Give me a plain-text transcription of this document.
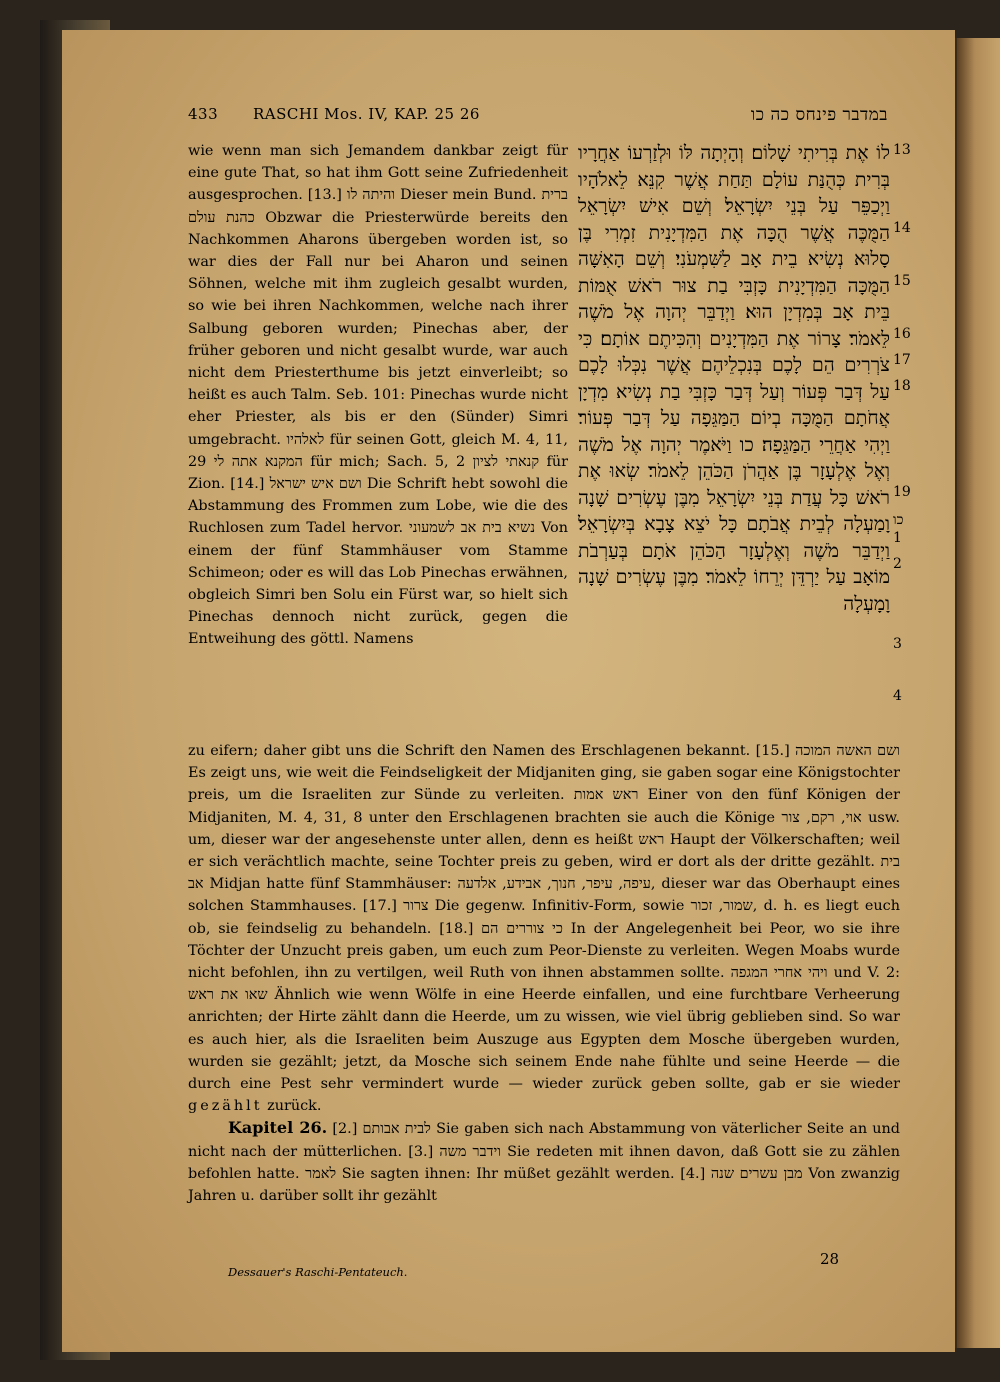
433 RASCHI Mos. IV, KAP. 25 26	במדבר פינחס כה כו

wie wenn man sich Jemandem dankbar zeigt für eine gute That, so hat ihm Gott seine Zufriedenheit ausgesprochen. [13.] והיתה לו Dieser mein Bund. ברית כהנת עולם Obzwar die Priesterwürde bereits den Nachkommen Aharons übergeben worden ist, so war dies der Fall nur bei Aharon und seinen Söhnen, welche mit ihm zugleich gesalbt wurden, so wie bei ihren Nachkommen, welche nach ihrer Salbung geboren wurden; Pinechas aber, der früher geboren und nicht gesalbt wurde, war auch nicht dem Priesterthume bis jetzt einverleibt; so heißt es auch Talm. Seb. 101: Pinechas wurde nicht eher Priester, als bis er den (Sünder) Simri umgebracht. לאלהיו für seinen Gott, gleich M. 4, 11, 29 המקנא אתה לי für mich; Sach. 5, 2 קנאתי לציון für Zion. [14.] ושם איש ישראל Die Schrift hebt sowohl die Abstammung des Frommen zum Lobe, wie die des Ruchlosen zum Tadel hervor. נשיא בית אב לשמעוני Von einem der fünf Stammhäuser vom Stamme Schimeon; oder es will das Lob Pinechas erwähnen, obgleich Simri ben Solu ein Fürst war, so hielt sich Pinechas dennoch nicht zurück, gegen die Entweihung des göttl. Namens

לוֹ אֶת בְּרִיתִי שָׁלוֹם׃ וְהָיְתָה לּוֹ וּלְזַרְעוֹ אַחֲרָיו בְּרִית כְּהֻנַּת עוֹלָם תַּחַת אֲשֶׁר קִנֵּא לֵאלֹהָיו וַיְכַפֵּר עַל בְּנֵי יִשְׂרָאֵל׃ וְשֵׁם אִישׁ יִשְׂרָאֵל הַמֻּכֶּה אֲשֶׁר הֻכָּה אֶת הַמִּדְיָנִית זִמְרִי בֶּן סָלוּא נְשִׂיא בֵית אָב לַשִּׁמְעֹנִי׃ וְשֵׁם הָאִשָּׁה הַמֻּכָּה הַמִּדְיָנִית כָּזְבִּי בַת צוּר רֹאשׁ אֻמּוֹת בֵּית אָב בְּמִדְיָן הוּא׃ וַיְדַבֵּר יְהוָה אֶל מֹשֶׁה לֵּאמֹר׃ צָרוֹר אֶת הַמִּדְיָנִים וְהִכִּיתֶם אוֹתָם׃ כִּי צֹרְרִים הֵם לָכֶם בְּנִכְלֵיהֶם אֲשֶׁר נִכְּלוּ לָכֶם עַל דְּבַר פְּעוֹר וְעַל דְּבַר כָּזְבִּי בַת נְשִׂיא מִדְיָן אֲחֹתָם הַמֻּכָּה בְיוֹם הַמַּגֵּפָה עַל דְּבַר פְּעוֹר׃ וַיְהִי אַחֲרֵי הַמַּגֵּפָה׃ כו וַיֹּאמֶר יְהוָה אֶל מֹשֶׁה וְאֶל אֶלְעָזָר בֶּן אַהֲרֹן הַכֹּהֵן לֵאמֹר׃ שְׂאוּ אֶת רֹאשׁ כָּל עֲדַת בְּנֵי יִשְׂרָאֵל מִבֶּן עֶשְׂרִים שָׁנָה וָמַעְלָה לְבֵית אֲבֹתָם כָּל יֹצֵא צָבָא בְּיִשְׂרָאֵל׃ וַיְדַבֵּר מֹשֶׁה וְאֶלְעָזָר הַכֹּהֵן אֹתָם בְּעַרְבֹת מוֹאָב עַל יַרְדֵּן יְרֵחוֹ לֵאמֹר׃ מִבֶּן עֶשְׂרִים שָׁנָה וָמָעְלָה

13
14
15
16
17
18
19
כו
1
2
3
4

zu eifern; daher gibt uns die Schrift den Namen des Erschlagenen bekannt. [15.] ושם האשה המוכה Es zeigt uns, wie weit die Feindseligkeit der Midjaniten ging, sie gaben sogar eine Königstochter preis, um die Israeliten zur Sünde zu verleiten. ראש אמות Einer von den fünf Königen der Midjaniten, M. 4, 31, 8 unter den Erschlagenen brachten sie auch die Könige אוי, רקם, צור usw. um, dieser war der angesehenste unter allen, denn es heißt ראש Haupt der Völkerschaften; weil er sich verächtlich machte, seine Tochter preis zu geben, wird er dort als der dritte gezählt. בית אב Midjan hatte fünf Stammhäuser: עיפה, עיפר, חנוך, אבידע, אלדעה, dieser war das Oberhaupt eines solchen Stammhauses. [17.] צרור Die gegenw. Infinitiv-Form, sowie שמור, זכור, d. h. es liegt euch ob, sie feindselig zu behandeln. [18.] כי צוררים הם In der Angelegenheit bei Peor, wo sie ihre Töchter der Unzucht preis gaben, um euch zum Peor-Dienste zu verleiten. Wegen Moabs wurde nicht befohlen, ihn zu vertilgen, weil Ruth von ihnen abstammen sollte. ויהי אחרי המגפה und V. 2: שאו את ראש Ähnlich wie wenn Wölfe in eine Heerde einfallen, und eine furchtbare Verheerung anrichten; der Hirte zählt dann die Heerde, um zu wissen, wie viel übrig geblieben sind. So war es auch hier, als die Israeliten beim Auszuge aus Egypten dem Mosche übergeben wurden, wurden sie gezählt; jetzt, da Mosche sich seinem Ende nahe fühlte und seine Heerde — die durch eine Pest sehr vermindert wurde — wieder zurück geben sollte, gab er sie wieder gezählt zurück.

Kapitel 26. [2.] לבית אבותם Sie gaben sich nach Abstammung von väterlicher Seite an und nicht nach der mütterlichen. [3.] וידבר משה Sie redeten mit ihnen davon, daß Gott sie zu zählen befohlen hatte. לאמר Sie sagten ihnen: Ihr müßet gezählt werden. [4.] מבן עשרים שנה Von zwanzig Jahren u. darüber sollt ihr gezählt

Dessauer's Raschi-Pentateuch.
28
